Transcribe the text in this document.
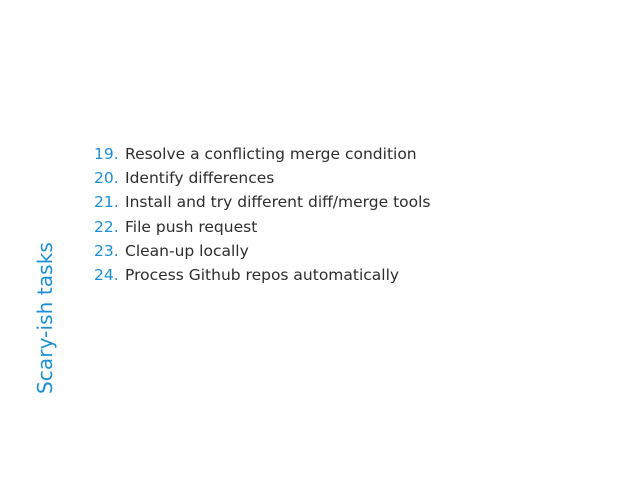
Scary-ish tasks
19. Resolve a conflicting merge condition
20. Identify differences
21. Install and try different diff/merge tools
22. File push request
23. Clean-up locally
24. Process Github repos automatically
